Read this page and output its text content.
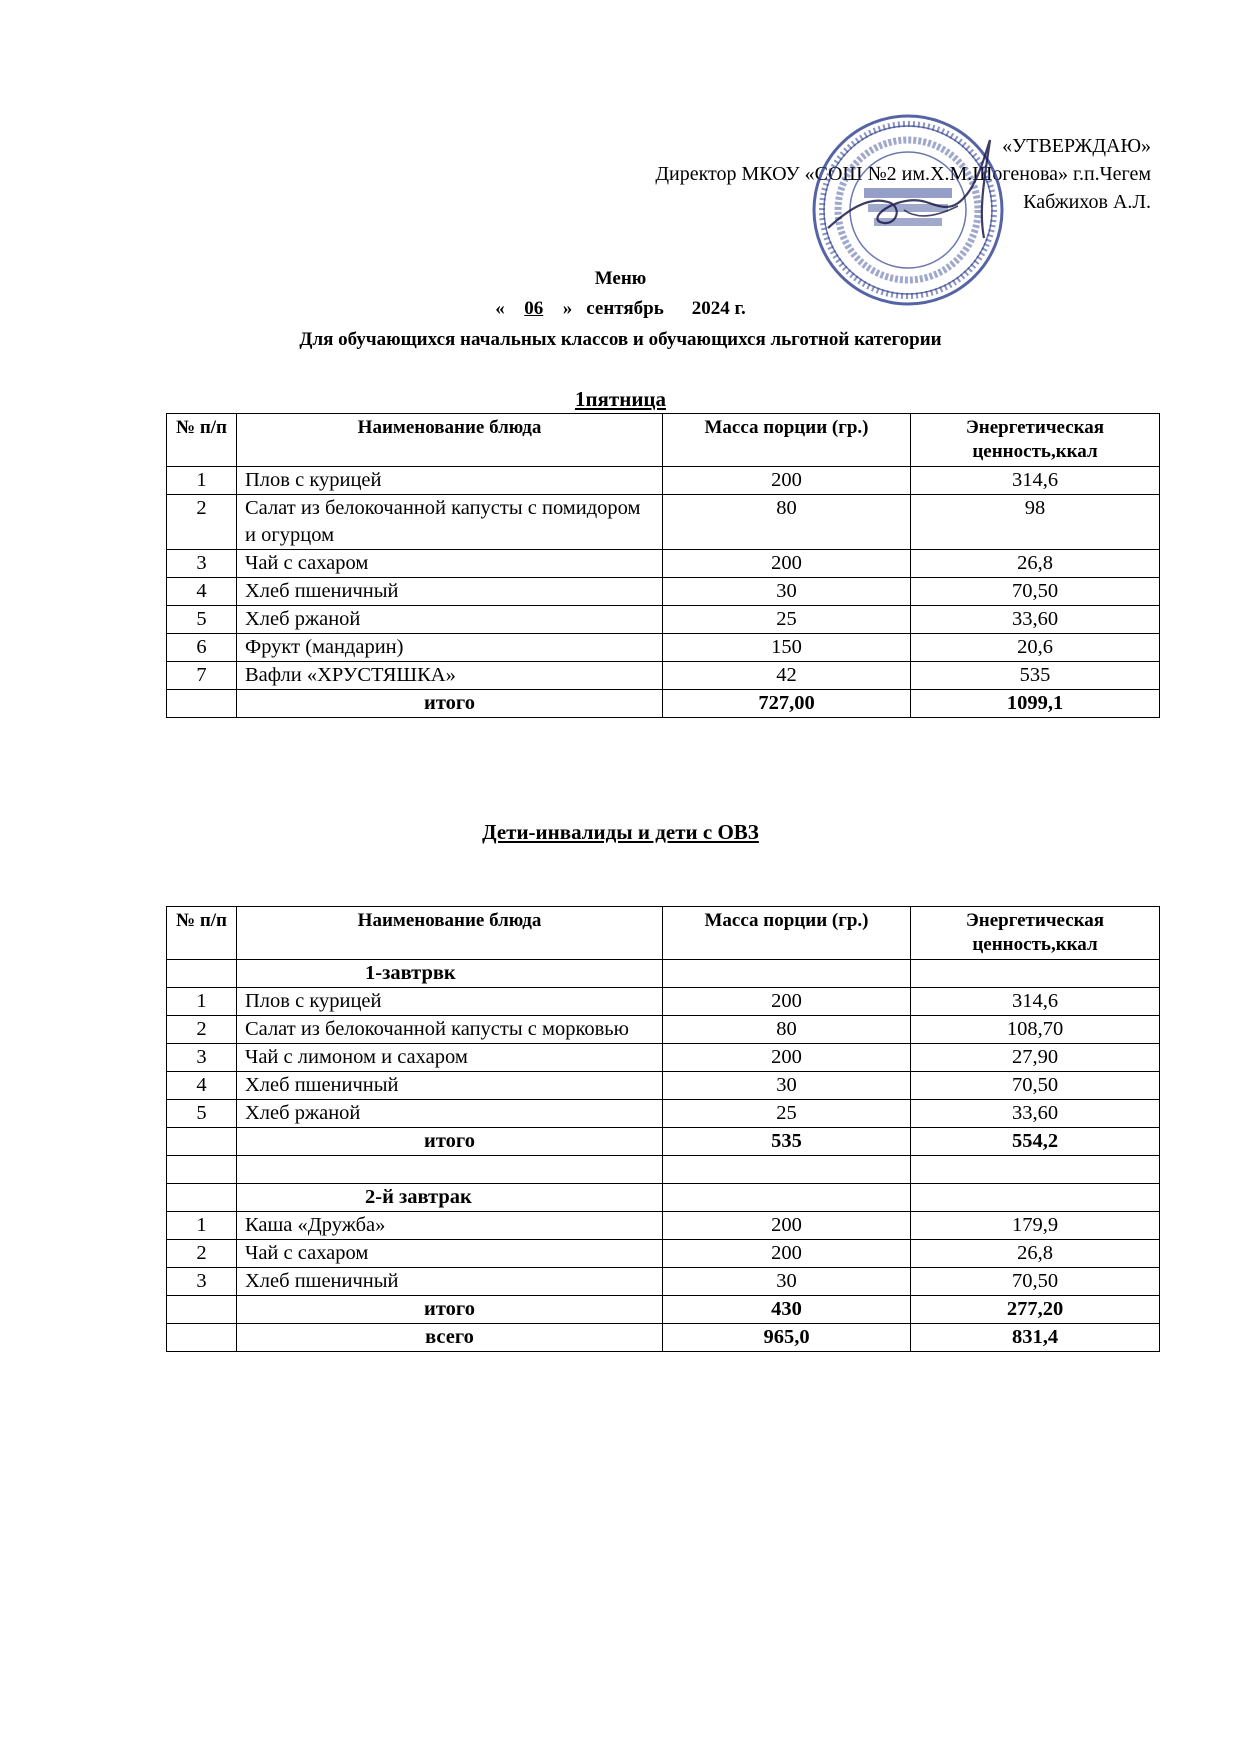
«УТВЕРЖДАЮ»
Директор МКОУ «СОШ №2 им.Х.М.Шогенова» г.п.Чегем
Кабжихов А.Л.
Меню
« 06 » сентябрь 2024 г.
Для обучающихся начальных классов и обучающихся льготной категории
1пятница
№ п/п	Наименование блюда	Масса порции (гр.)	Энергетическая ценность,ккал
1	Плов с курицей	200	314,6
2	Салат из белокочанной капусты с помидором и огурцом	80	98
3	Чай с сахаром	200	26,8
4	Хлеб пшеничный	30	70,50
5	Хлеб ржаной	25	33,60
6	Фрукт (мандарин)	150	20,6
7	Вафли «ХРУСТЯШКА»	42	535
	итого	727,00	1099,1
Дети-инвалиды и дети с ОВЗ
№ п/п	Наименование блюда	Масса порции (гр.)	Энергетическая ценность,ккал
	1-завтрвк		
1	Плов с курицей	200	314,6
2	Салат из белокочанной капусты с морковью	80	108,70
3	Чай с лимоном и сахаром	200	27,90
4	Хлеб пшеничный	30	70,50
5	Хлеб ржаной	25	33,60
	итого	535	554,2

	2-й завтрак		
1	Каша «Дружба»	200	179,9
2	Чай с сахаром	200	26,8
3	Хлеб пшеничный	30	70,50
	итого	430	277,20
	всего	965,0	831,4
